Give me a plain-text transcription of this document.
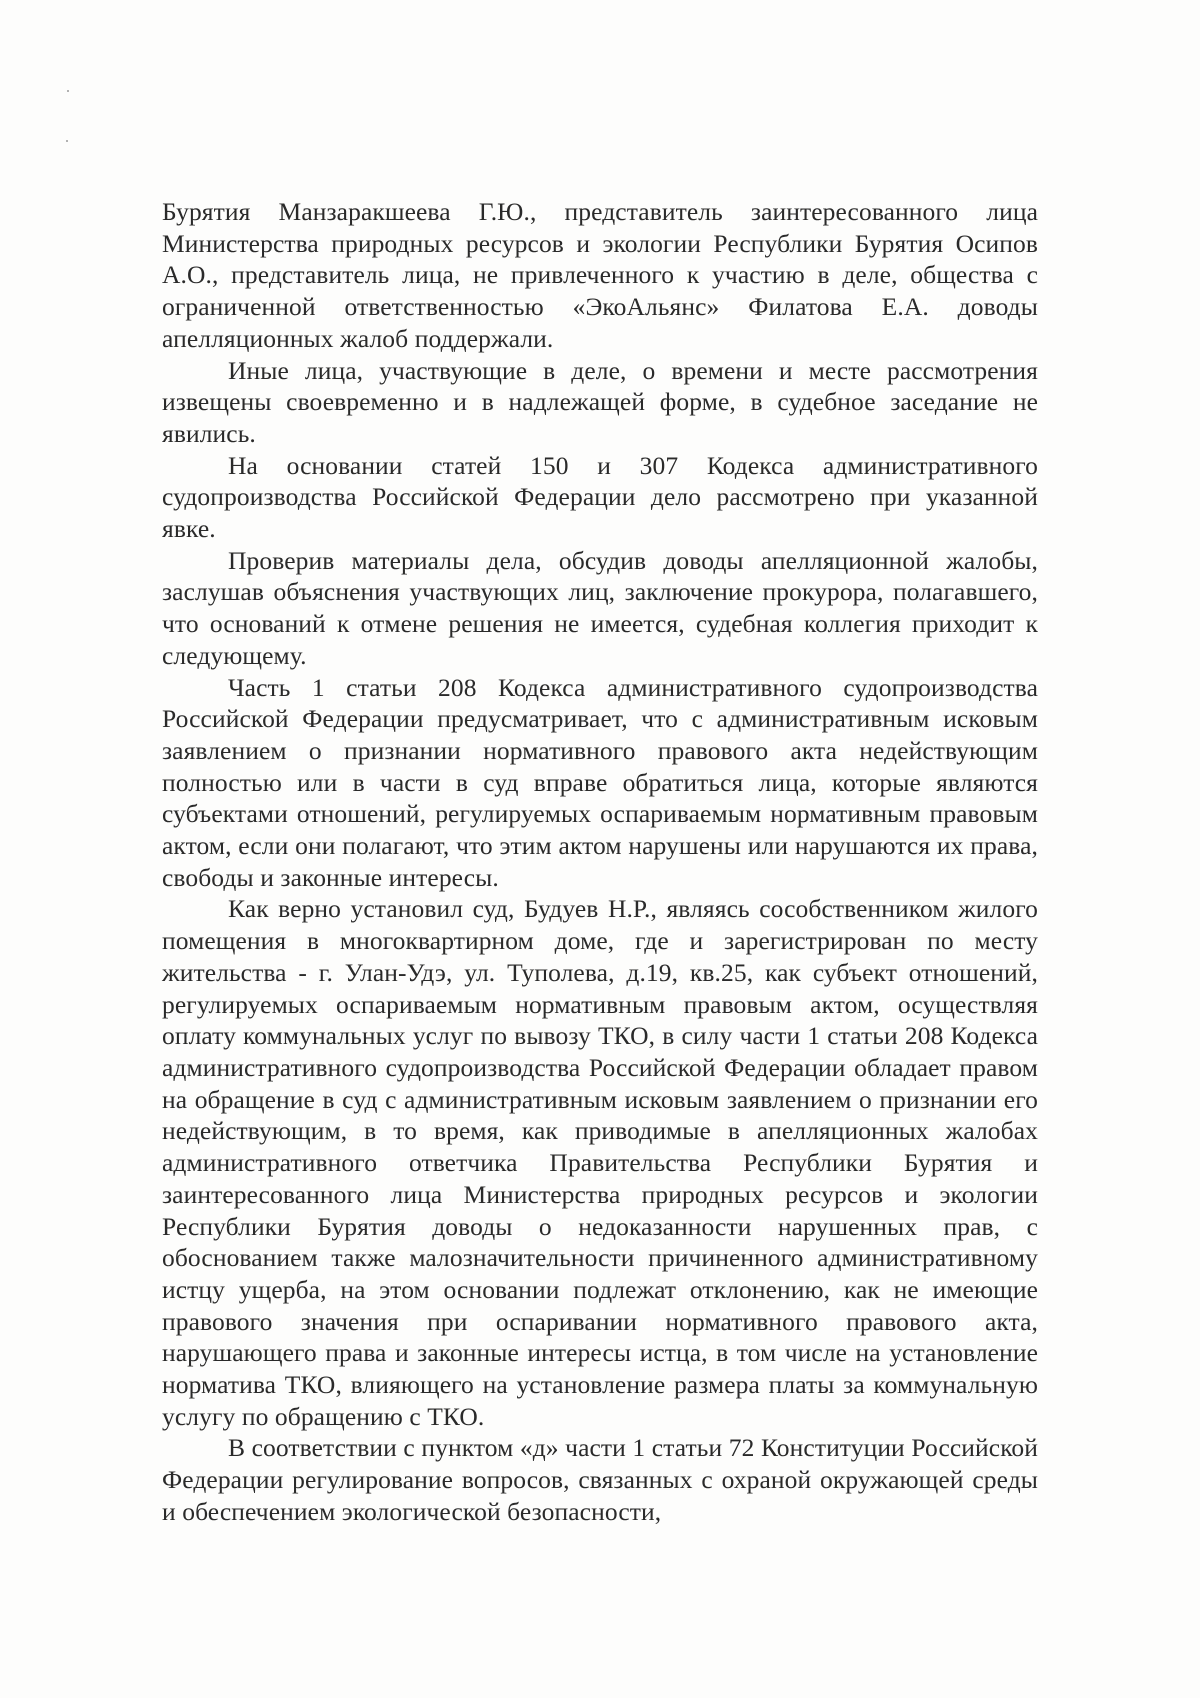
Бурятия Манзаракшеева Г.Ю., представитель заинтересованного лица Министерства природных ресурсов и экологии Республики Бурятия Осипов А.О., представитель лица, не привлеченного к участию в деле, общества с ограниченной ответственностью «ЭкоАльянс» Филатова Е.А. доводы апелляционных жалоб поддержали.

Иные лица, участвующие в деле, о времени и месте рассмотрения извещены своевременно и в надлежащей форме, в судебное заседание не явились.

На основании статей 150 и 307 Кодекса административного судопроизводства Российской Федерации дело рассмотрено при указанной явке.

Проверив материалы дела, обсудив доводы апелляционной жалобы, заслушав объяснения участвующих лиц, заключение прокурора, полагавшего, что оснований к отмене решения не имеется, судебная коллегия приходит к следующему.

Часть 1 статьи 208 Кодекса административного судопроизводства Российской Федерации предусматривает, что с административным исковым заявлением о признании нормативного правового акта недействующим полностью или в части в суд вправе обратиться лица, которые являются субъектами отношений, регулируемых оспариваемым нормативным правовым актом, если они полагают, что этим актом нарушены или нарушаются их права, свободы и законные интересы.

Как верно установил суд, Будуев Н.Р., являясь сособственником жилого помещения в многоквартирном доме, где и зарегистрирован по месту жительства - г. Улан-Удэ, ул. Туполева, д.19, кв.25, как субъект отношений, регулируемых оспариваемым нормативным правовым актом, осуществляя оплату коммунальных услуг по вывозу ТКО, в силу части 1 статьи 208 Кодекса административного судопроизводства Российской Федерации обладает правом на обращение в суд с административным исковым заявлением о признании его недействующим, в то время, как приводимые в апелляционных жалобах административного ответчика Правительства Республики Бурятия и заинтересованного лица Министерства природных ресурсов и экологии Республики Бурятия доводы о недоказанности нарушенных прав, с обоснованием также малозначительности причиненного административному истцу ущерба, на этом основании подлежат отклонению, как не имеющие правового значения при оспаривании нормативного правового акта, нарушающего права и законные интересы истца, в том числе на установление норматива ТКО, влияющего на установление размера платы за коммунальную услугу по обращению с ТКО.

В соответствии с пунктом «д» части 1 статьи 72 Конституции Российской Федерации регулирование вопросов, связанных с охраной окружающей среды и обеспечением экологической безопасности,
